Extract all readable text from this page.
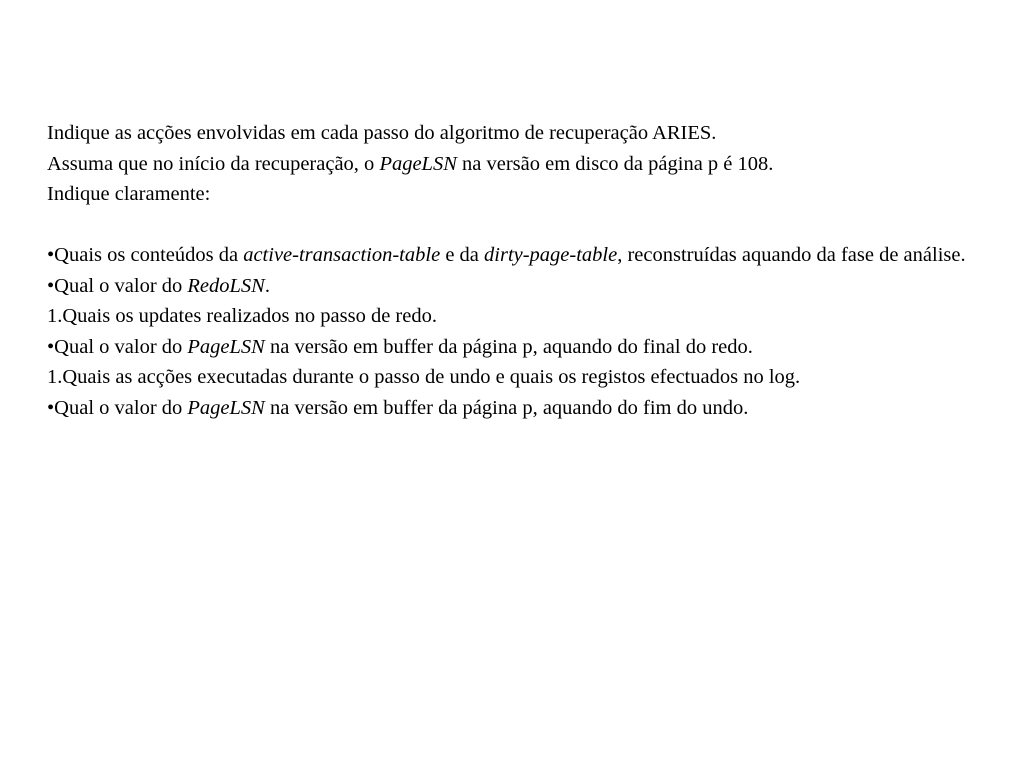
Indique as acções envolvidas em cada passo do algoritmo de recuperação ARIES.

Assuma que no início da recuperação, o PageLSN na versão em disco da página p é 108.

Indique claramente:

•Quais os conteúdos da active-transaction-table e da dirty-page-table, reconstruídas aquando da fase de análise.

•Qual o valor do RedoLSN.

1.Quais os updates realizados no passo de redo.

•Qual o valor do PageLSN na versão em buffer da página p, aquando do final do redo.

1.Quais as acções executadas durante o passo de undo e quais os registos efectuados no log.

•Qual o valor do PageLSN na versão em buffer da página p, aquando do fim do undo.
